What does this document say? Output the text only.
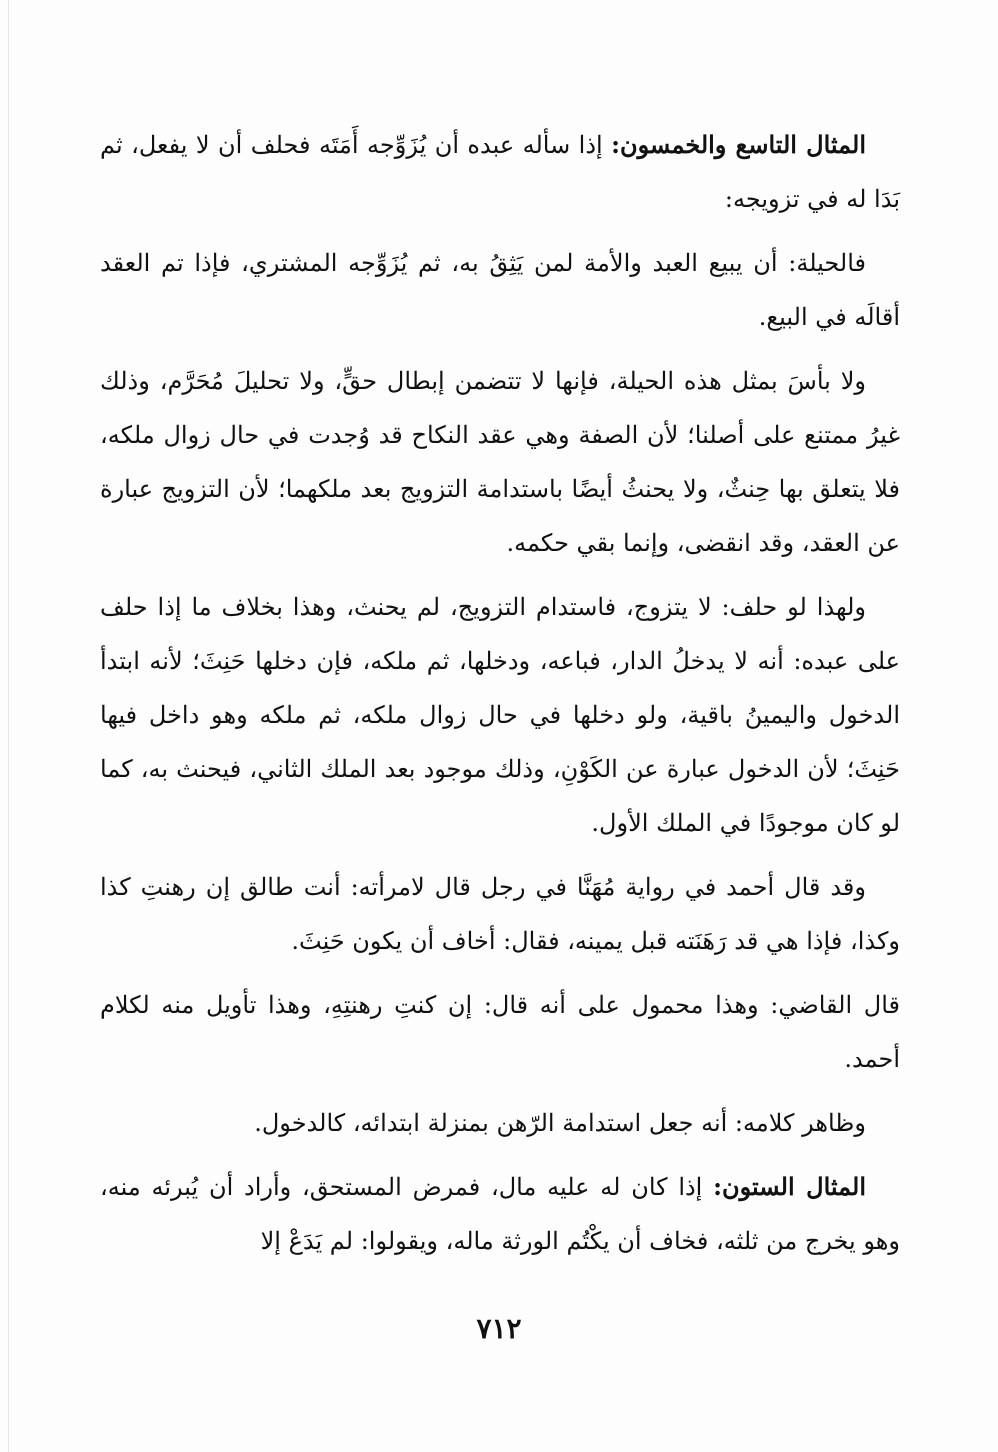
المثال التاسع والخمسون: إذا سأله عبده أن يُزَوِّجه أَمَتَه فحلف أن لا يفعل، ثم بَدَا له في تزويجه:

فالحيلة: أن يبيع العبد والأمة لمن يَثِقُ به، ثم يُزَوِّجه المشتري، فإذا تم العقد أقالَه في البيع.

ولا بأسَ بمثل هذه الحيلة، فإنها لا تتضمن إبطال حقٍّ، ولا تحليلَ مُحَرَّم، وذلك غيرُ ممتنع على أصلنا؛ لأن الصفة وهي عقد النكاح قد وُجدت في حال زوال ملكه، فلا يتعلق بها حِنثٌ، ولا يحنثُ أيضًا باستدامة التزويج بعد ملكهما؛ لأن التزويج عبارة عن العقد، وقد انقضى، وإنما بقي حكمه.

ولهذا لو حلف: لا يتزوج، فاستدام التزويج، لم يحنث، وهذا بخلاف ما إذا حلف على عبده: أنه لا يدخلُ الدار، فباعه، ودخلها، ثم ملكه، فإن دخلها حَنِثَ؛ لأنه ابتدأ الدخول واليمينُ باقية، ولو دخلها في حال زوال ملكه، ثم ملكه وهو داخل فيها حَنِثَ؛ لأن الدخول عبارة عن الكَوْنِ، وذلك موجود بعد الملك الثاني، فيحنث به، كما لو كان موجودًا في الملك الأول.

وقد قال أحمد في رواية مُهَنَّا في رجل قال لامرأته: أنت طالق إن رهنتِ كذا وكذا، فإذا هي قد رَهَنَته قبل يمينه، فقال: أخاف أن يكون حَنِثَ.

قال القاضي: وهذا محمول على أنه قال: إن كنتِ رهنتِهِ، وهذا تأويل منه لكلام أحمد.

وظاهر كلامه: أنه جعل استدامة الرّهن بمنزلة ابتدائه، كالدخول.

المثال الستون: إذا كان له عليه مال، فمرض المستحق، وأراد أن يُبرئه منه، وهو يخرج من ثلثه، فخاف أن يكْتُم الورثة ماله، ويقولوا: لم يَدَعْ إلا

٧١٢
